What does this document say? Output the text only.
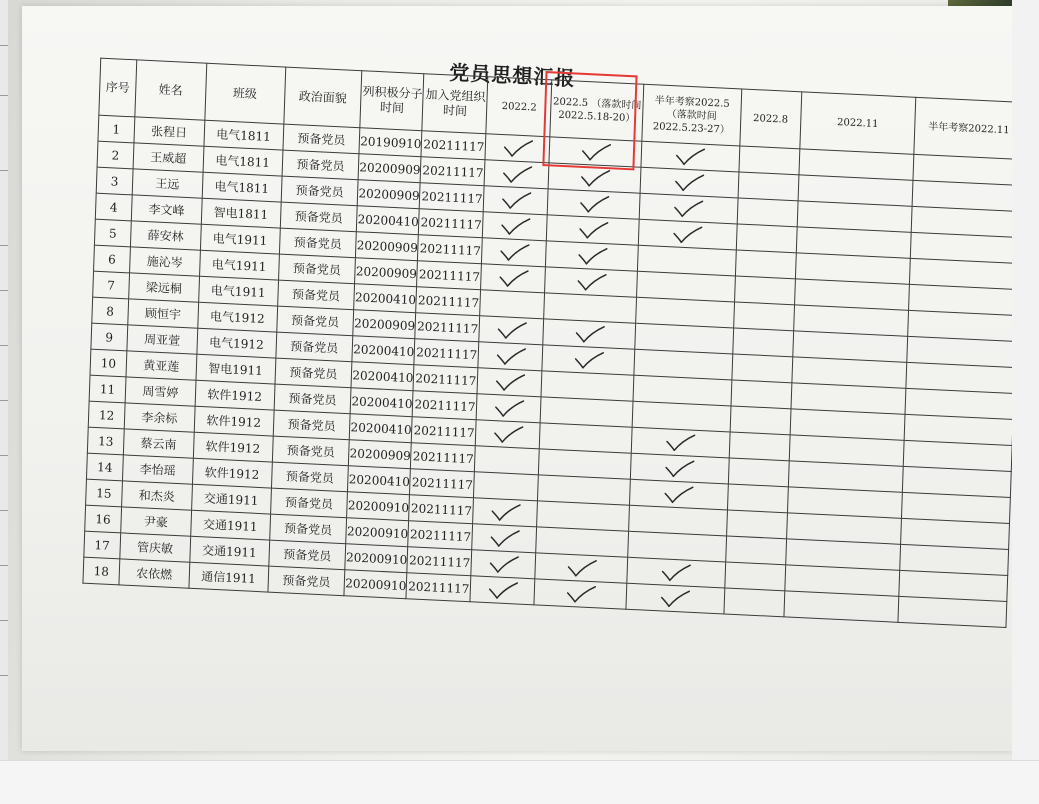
党员思想汇报
序号	姓名	班级	政治面貌	列积极分子时间	加入党组织时间	2022.2	2022.5 （落款时间 2022.5.18-20）	半年考察2022.5 （落款时间 2022.5.23-27）	2022.8	2022.11	半年考察2022.11
1	张程日	电气1811	预备党员	20190910	20211117	

2	王威超	电气1811	预备党员	20200909	20211117	

3	王远	电气1811	预备党员	20200909	20211117	

4	李文峰	智电1811	预备党员	20200410	20211117	

5	薛安林	电气1911	预备党员	20200909	20211117	

6	施沁岑	电气1911	预备党员	20200909	20211117	

7	梁远桐	电气1911	预备党员	20200410	20211117						
8	顾恒宇	电气1912	预备党员	20200909	20211117	

9	周亚萱	电气1912	预备党员	20200410	20211117	

10	黄亚莲	智电1911	预备党员	20200410	20211117	

11	周雪婷	软件1912	预备党员	20200410	20211117	

12	李余标	软件1912	预备党员	20200410	20211117	

13	蔡云南	软件1912	预备党员	20200909	20211117			

14	李怡瑶	软件1912	预备党员	20200410	20211117			

15	和杰炎	交通1911	预备党员	20200910	20211117	

16	尹豪	交通1911	预备党员	20200910	20211117	

17	管庆敏	交通1911	预备党员	20200910	20211117	

18	农依燃	通信1911	预备党员	20200910	20211117	
